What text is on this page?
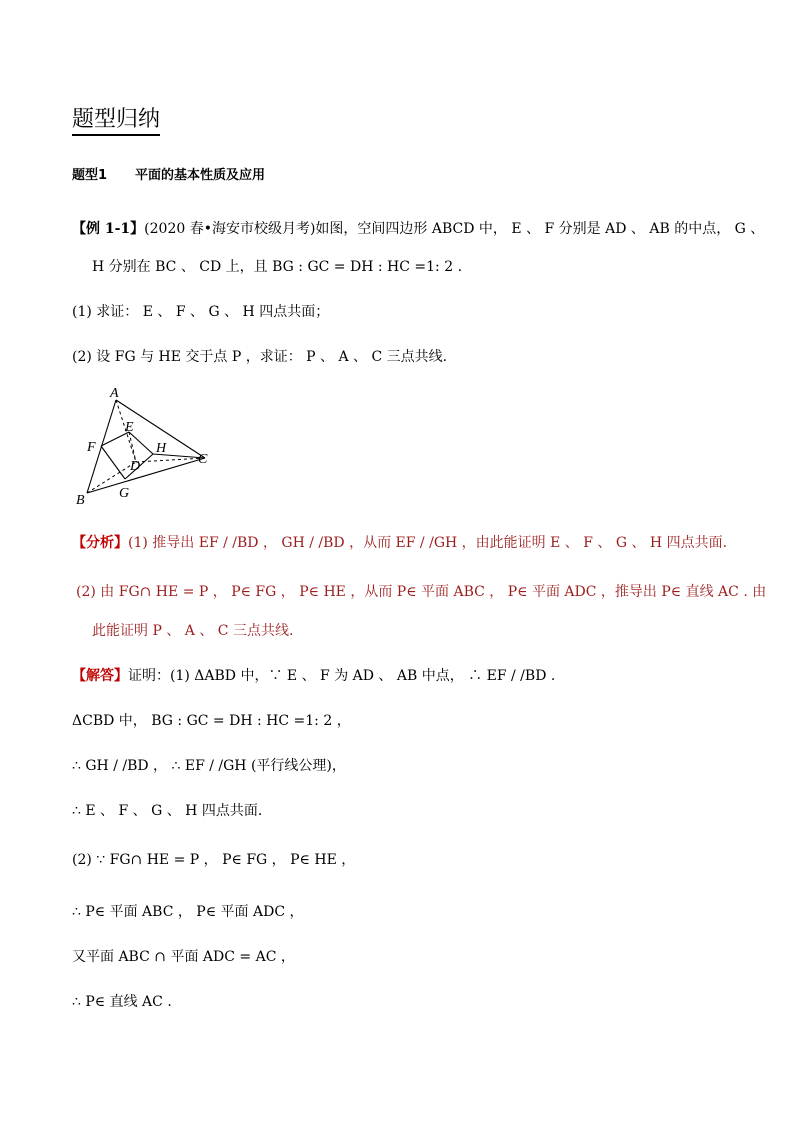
题型归纳
题型1 平面的基本性质及应用
【例 1-1】(2020 春•海安市校级月考)如图，空间四边形 ABCD 中， E 、 F 分别是 AD 、 AB 的中点， G 、
H 分别在 BC 、 CD 上，且 BG : GC = DH : HC =1: 2 .
(1) 求证： E 、 F 、 G 、 H 四点共面；
(2) 设 FG 与 HE 交于点 P ，求证： P 、 A 、 C 三点共线.
A
E
F	H
C
D
B G
【分析】(1) 推导出 EF / /BD ， GH / /BD ，从而 EF / /GH ，由此能证明 E 、 F 、 G 、 H 四点共面.
(2) 由 FG∩ HE = P ， P∈ FG ， P∈ HE ，从而 P∈ 平面 ABC ， P∈ 平面 ADC ，推导出 P∈ 直线 AC . 由
此能证明 P 、 A 、 C 三点共线.
【解答】证明：(1) ΔABD 中，∵ E 、 F 为 AD 、 AB 中点， ∴ EF / /BD .
ΔCBD 中， BG : GC = DH : HC =1: 2 ，
∴ GH / /BD ， ∴ EF / /GH (平行线公理)，
∴ E 、 F 、 G 、 H 四点共面.
(2) ∵ FG∩ HE = P ， P∈ FG ， P∈ HE ，
∴ P∈ 平面 ABC ， P∈ 平面 ADC ，
又平面 ABC ∩ 平面 ADC = AC ，
∴ P∈ 直线 AC .
